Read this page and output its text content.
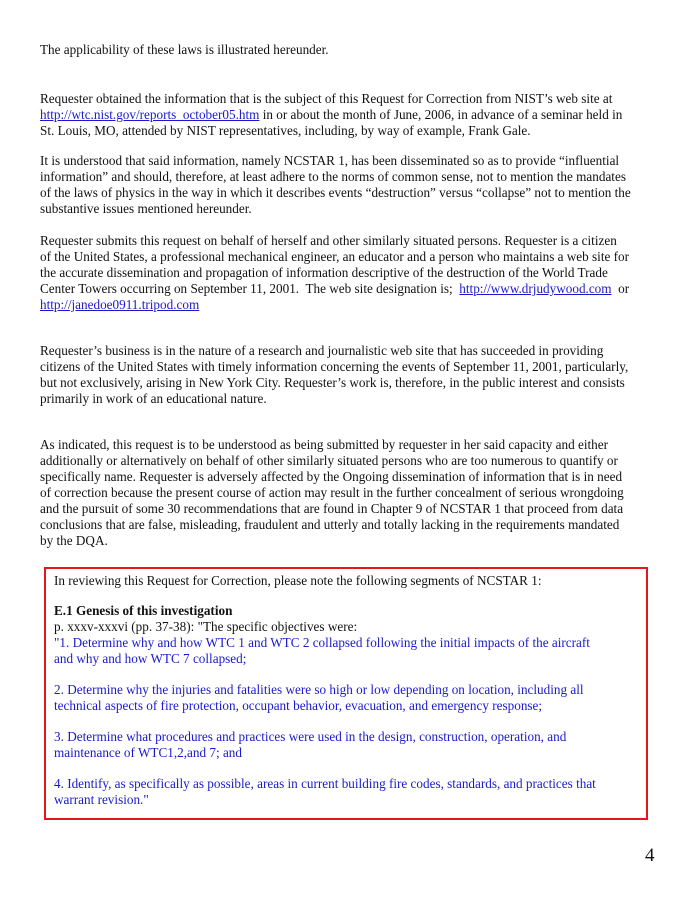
The applicability of these laws is illustrated hereunder.

Requester obtained the information that is the subject of this Request for Correction from NIST’s web site at

http://wtc.nist.gov/reports_october05.htm in or about the month of June, 2006, in advance of a seminar held in

St. Louis, MO, attended by NIST representatives, including, by way of example, Frank Gale.

It is understood that said information, namely NCSTAR 1, has been disseminated so as to provide “influential

information” and should, therefore, at least adhere to the norms of common sense, not to mention the mandates

of the laws of physics in the way in which it describes events “destruction” versus “collapse” not to mention the

substantive issues mentioned hereunder.

Requester submits this request on behalf of herself and other similarly situated persons. Requester is a citizen

of the United States, a professional mechanical engineer, an educator and a person who maintains a web site for

the accurate dissemination and propagation of information descriptive of the destruction of the World Trade

Center Towers occurring on September 11, 2001.  The web site designation is;  http://www.drjudywood.com  or

http://janedoe0911.tripod.com

Requester’s business is in the nature of a research and journalistic web site that has succeeded in providing

citizens of the United States with timely information concerning the events of September 11, 2001, particularly,

but not exclusively, arising in New York City. Requester’s work is, therefore, in the public interest and consists

primarily in work of an educational nature.

As indicated, this request is to be understood as being submitted by requester in her said capacity and either

additionally or alternatively on behalf of other similarly situated persons who are too numerous to quantify or

specifically name. Requester is adversely affected by the Ongoing dissemination of information that is in need

of correction because the present course of action may result in the further concealment of serious wrongdoing

and the pursuit of some 30 recommendations that are found in Chapter 9 of NCSTAR 1 that proceed from data

conclusions that are false, misleading, fraudulent and utterly and totally lacking in the requirements mandated

by the DQA.

In reviewing this Request for Correction, please note the following segments of NCSTAR 1:

E.1 Genesis of this investigation

p. xxxv-xxxvi (pp. 37-38): "The specific objectives were:

"1. Determine why and how WTC 1 and WTC 2 collapsed following the initial impacts of the aircraft

and why and how WTC 7 collapsed;

2. Determine why the injuries and fatalities were so high or low depending on location, including all

technical aspects of fire protection, occupant behavior, evacuation, and emergency response;

3. Determine what procedures and practices were used in the design, construction, operation, and

maintenance of WTC1,2,and 7; and

4. Identify, as specifically as possible, areas in current building fire codes, standards, and practices that

warrant revision."

4
